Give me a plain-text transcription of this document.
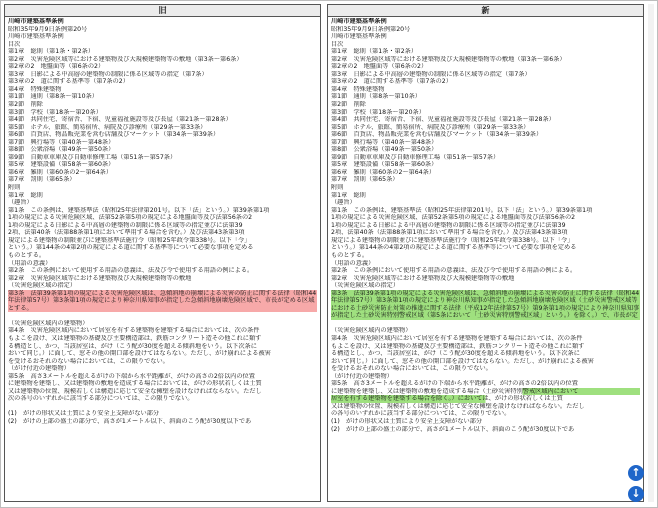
旧
川崎市建築基準条例
昭和35年9月9日条例第20号
川崎市建築基準条例
目次
第1章　総則（第1条・第2条）
第2章　災害危険区域等における建築物及び大規模建築物等の敷地（第3条～第6条）
第2章の2　地盤面等（第6条の2）
第3章　日影による中高層の建築物の制限に係る区域等の指定（第7条）
第3章の2　道に関する基準等（第7条の2）
第4章　特殊建築物
第1節　通則（第8条～第10条）
第2節　削除
第3節　学校（第18条～第20条）
第4節　共同住宅、寄宿舎、下宿、児童福祉施設等及び長屋（第21条～第28条）
第5節　ホテル、旅館、簡易宿所、病院及び診療所（第29条～第33条）
第6節　百貨店、物品販売業を営む店舗及びマーケット（第34条～第39条）
第7節　興行場等（第40条～第48条）
第8節　公衆浴場（第49条～第50条）
第9節　自動車車庫及び自動車修理工場（第51条～第57条）
第5章　建築設備（第58条～第60条）
第6章　雑則（第60条の2～第64条）
第7章　罰則（第65条）
附則
第1章　総則
（趣旨）
第1条　この条例は、建築基準法（昭和25年法律第201号。以下「法」という。）第39条第1項
1項の規定による災害危険区域、法第52条第5項の規定による地盤面等及び法第56条の2
1項の規定による日影による中高層の建築物の制限に係る区域等の指定並びに法第39
2項、法第40条（法第88条第1項において準用する場合を含む。）及び法第43条第3項
規定による建築物の制限並びに建築基準法施行令（昭和25年政令第338号。以下「令」
という。）第144条の4第2項の規定による道に関する基準等について必要な事項を定める
ものとする。
（用語の意義）
第2条　この条例において使用する用語の意義は、法及び令で使用する用語の例による。
第2章　災害危険区域等における建築物及び大規模建築物等の敷地
（災害危険区域の指定）
第3条　法第39条第1項の規定による災害危険区域は、急傾斜地の崩壊による災害の防止に関する法律（昭和44年法律第57号）第3条第1項の規定により神奈川県知事が指定した急傾斜地崩壊危険区域で、市長が定める区域とする。
（災害危険区域内の建築物）
第4条　災害危険区域内において居室を有する建築物を建築する場合においては、次の条件
もよこを設け、又は建築物の基礎及び主要構造部は、鉄筋コンクリート造その他これに類す
る構造とし、かつ、当該居室は、がけ（こう配が30度を超える傾斜地をいう。以下次条に
おいて同じ。）に面して、窓その他の開口部を設けてはならない。ただし、がけ崩れによる被害
を受けるおそれのない場合においては、この限りでない。
（がけ付近の建築物）
第5条　高さ3メートルを超えるがけの下端から水平距離が、がけの高さの2倍以内の位置
に建築物を建築し、又は建築物の敷地を造成する場合においては、がけの形状若しくは土質
又は建築物の位置、規模若しくは構造に応じて安全な擁壁を設けなければならない。ただし
次の各号のいずれかに該当する部分については、この限りでない。
(1)　がけの形状又は土質により安全上支障がない部分
(2)　がけの上部の盛土の部分で、高さが1メートル以下、斜面のこう配が30度以下であ
新
川崎市建築基準条例
昭和35年9月9日条例第20号
川崎市建築基準条例
目次
第1章　総則（第1条・第2条）
第2章　災害危険区域等における建築物及び大規模建築物等の敷地（第3条～第6条）
第2章の2　地盤面等（第6条の2）
第3章　日影による中高層の建築物の制限に係る区域等の指定（第7条）
第3章の2　道に関する基準等（第7条の2）
第4章　特殊建築物
第1節　通則（第8条～第10条）
第2節　削除
第3節　学校（第18条～第20条）
第4節　共同住宅、寄宿舎、下宿、児童福祉施設等及び長屋（第21条～第28条）
第5節　ホテル、旅館、簡易宿所、病院及び診療所（第29条～第33条）
第6節　百貨店、物品販売業を営む店舗及びマーケット（第34条～第39条）
第7節　興行場等（第40条～第48条）
第8節　公衆浴場（第49条～第50条）
第9節　自動車車庫及び自動車修理工場（第51条～第57条）
第5章　建築設備（第58条～第60条）
第6章　雑則（第60条の2～第64条）
第7章　罰則（第65条）
附則
第1章　総則
（趣旨）
第1条　この条例は、建築基準法（昭和25年法律第201号。以下「法」という。）第39条第1項
1項の規定による災害危険区域、法第52条第5項の規定による地盤面等及び法第56条の2
1項の規定による日影による中高層の建築物の制限に係る区域等の指定並びに法第39
2項、法第40条（法第88条第1項において準用する場合を含む。）及び法第43条第3項
規定による建築物の制限並びに建築基準法施行令（昭和25年政令第338号。以下「令」
という。）第144条の4第2項の規定による道に関する基準等について必要な事項を定める
ものとする。
（用語の意義）
第2条　この条例において使用する用語の意義は、法及び令で使用する用語の例による。
第2章　災害危険区域等における建築物及び大規模建築物等の敷地
（災害危険区域の指定）
第3条　法第39条第1項の規定による災害危険区域は、急傾斜地の崩壊による災害の防止に関する法律（昭和44年法律第57号）第3条第1項の規定により神奈川県知事が指定した急傾斜地崩壊危険区域（土砂災害警戒区域等における土砂災害防止対策の推進に関する法律（平成12年法律第57号）第9条第1項の規定により神奈川県知事が指定した土砂災害特別警戒区域（第5条において「土砂災害特別警戒区域」という。）を除く。）で、市長が定
（災害危険区域内の建築物）
第4条　災害危険区域内において居室を有する建築物を建築する場合においては、次の条件
もよこを設け、又は建築物の基礎及び主要構造部は、鉄筋コンクリート造その他これに類す
る構造とし、かつ、当該居室は、がけ（こう配が30度を超える傾斜地をいう。以下次条に
おいて同じ。）に面して、窓その他の開口部を設けてはならない。ただし、がけ崩れによる被害
を受けるおそれのない場合においては、この限りでない。
（がけ付近の建築物）
第5条　高さ3メートルを超えるがけの下端から水平距離が、がけの高さの2倍以内の位置
に建築物を建築し、又は建築物の敷地を造成する場合（土砂災害特別警戒区域内において
居室を有する建築物を建築する場合を除く。）においては、がけの形状若しくは土質
又は建築物の位置、規模若しくは構造に応じて安全な擁壁を設けなければならない。ただし
の各号のいずれかに該当する部分については、この限りでない。
(1)　がけの形状又は土質により安全上支障がない部分
(2)　がけの上部の盛土の部分で、高さが1メートル以下、斜面のこう配が30度以下であ
↑
↓
